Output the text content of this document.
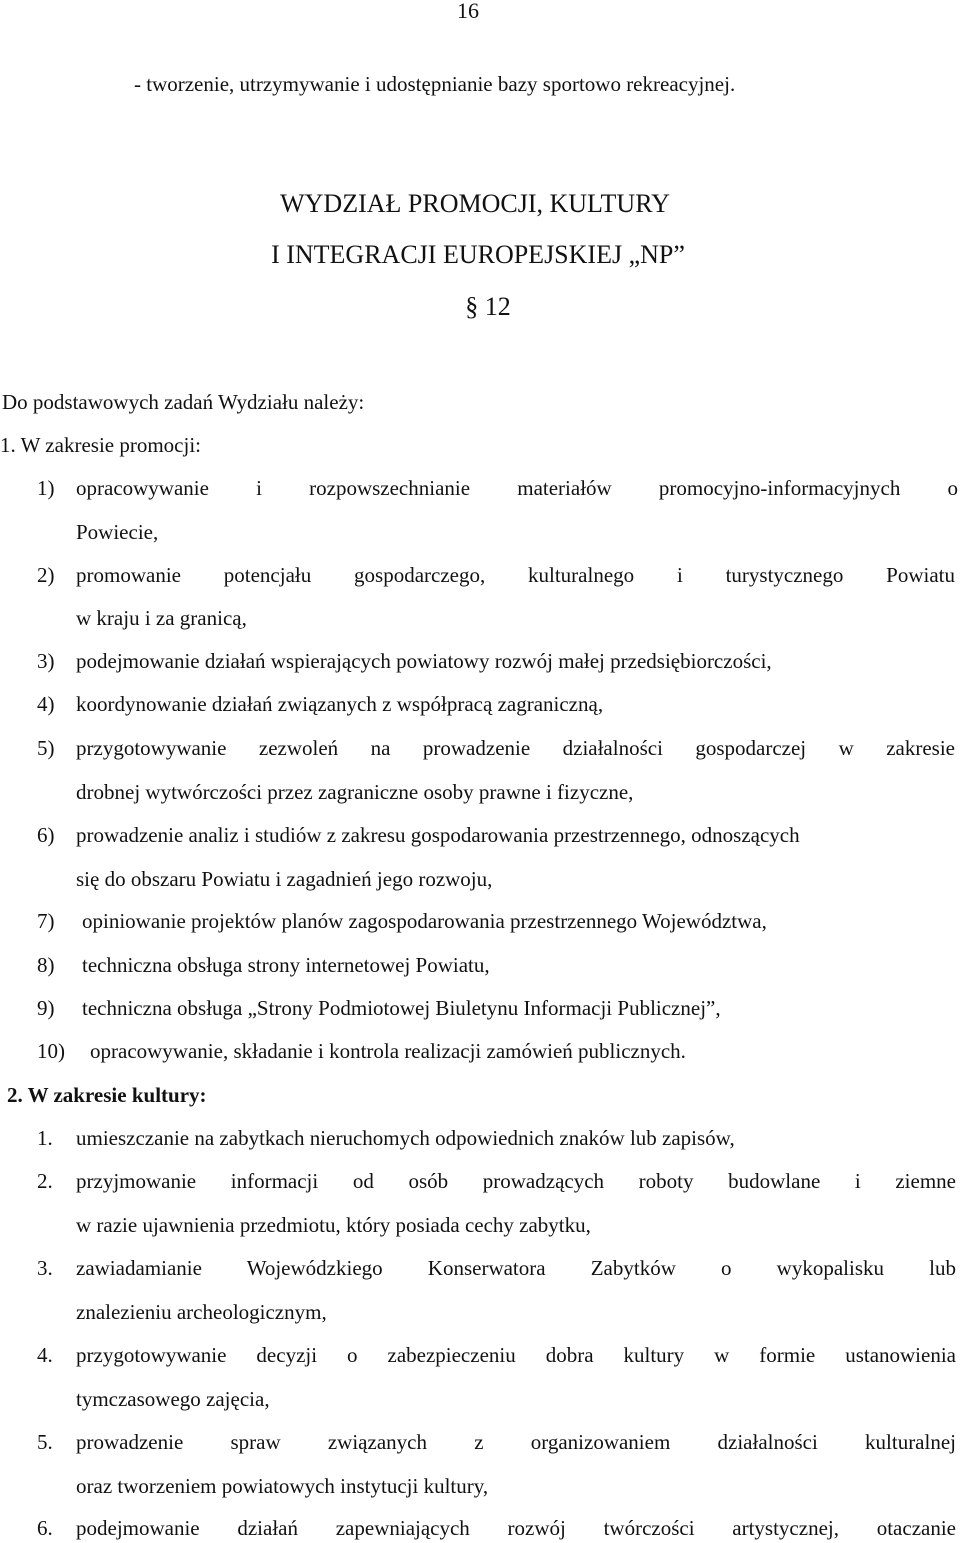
16
- tworzenie, utrzymywanie i udostępnianie bazy sportowo rekreacyjnej.
WYDZIAŁ PROMOCJI, KULTURY
I INTEGRACJI EUROPEJSKIEJ „NP”
§ 12
Do podstawowych zadań Wydziału należy:
1. W zakresie promocji:
1) opracowywanie i rozpowszechnianie materiałów promocyjno-informacyjnych o
Powiecie,
2) promowanie potencjału gospodarczego, kulturalnego i turystycznego Powiatu
w kraju i za granicą,
3) podejmowanie działań wspierających powiatowy rozwój małej przedsiębiorczości,
4) koordynowanie działań związanych z współpracą zagraniczną,
5) przygotowywanie zezwoleń na prowadzenie działalności gospodarczej w zakresie
drobnej wytwórczości przez zagraniczne osoby prawne i fizyczne,
6) prowadzenie analiz i studiów z zakresu gospodarowania przestrzennego, odnoszących
się do obszaru Powiatu i zagadnień jego rozwoju,
7) opiniowanie projektów planów zagospodarowania przestrzennego Województwa,
8) techniczna obsługa strony internetowej Powiatu,
9) techniczna obsługa „Strony Podmiotowej Biuletynu Informacji Publicznej”,
10) opracowywanie, składanie i kontrola realizacji zamówień publicznych.
2. W zakresie kultury:
1. umieszczanie na zabytkach nieruchomych odpowiednich znaków lub zapisów,
2. przyjmowanie informacji od osób prowadzących roboty budowlane i ziemne
w razie ujawnienia przedmiotu, który posiada cechy zabytku,
3. zawiadamianie Wojewódzkiego Konserwatora Zabytków o wykopalisku lub
znalezieniu archeologicznym,
4. przygotowywanie decyzji o zabezpieczeniu dobra kultury w formie ustanowienia
tymczasowego zajęcia,
5. prowadzenie spraw związanych z organizowaniem działalności kulturalnej
oraz tworzeniem powiatowych instytucji kultury,
6. podejmowanie działań zapewniających rozwój twórczości artystycznej, otaczanie
